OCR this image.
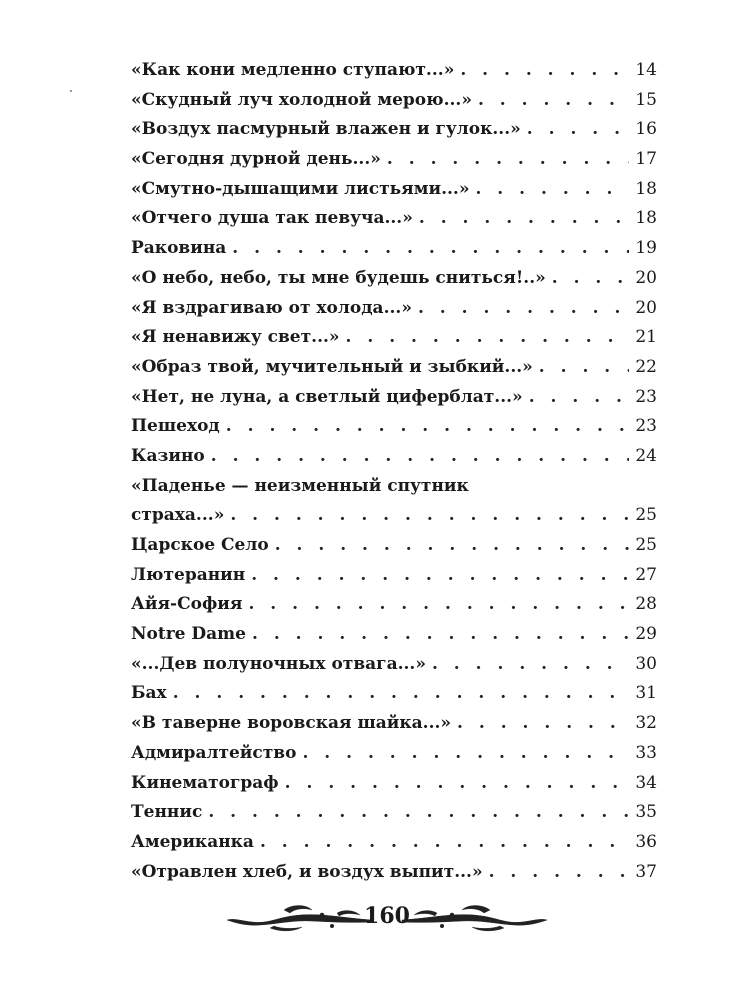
«Как кони медленно ступают...» . . .	14
«Скудный луч холодной мерою...» . . .	15
«Воздух пасмурный влажен и гулок...» . . .	16
«Сегодня дурной день...» . . .	17
«Смутно-дышащими листьями...» . . .	18
«Отчего душа так певуча...» . . .	18
Раковина . . .	19
«О небо, небо, ты мне будешь сниться!..» . . .	20
«Я вздрагиваю от холода...» . . .	20
«Я ненавижу свет...» . . .	21
«Образ твой, мучительный и зыбкий...» . . .	22
«Нет, не луна, а светлый циферблат...» . . .	23
Пешеход . . .	23
Казино . . .	24
«Паденье — неизменный спутник
страха...» . . .	25
Царское Село . . .	25
Лютеранин . . .	27
Айя-София . . .	28
Notre Dame . . .	29
«...Дев полуночных отвага...» . . .	30
Бах . . .	31
«В таверне воровская шайка...» . . .	32
Адмиралтейство . . .	33
Кинематограф . . .	34
Теннис . . .	35
Американка . . .	36
«Отравлен хлеб, и воздух выпит...» . . .	37
160
